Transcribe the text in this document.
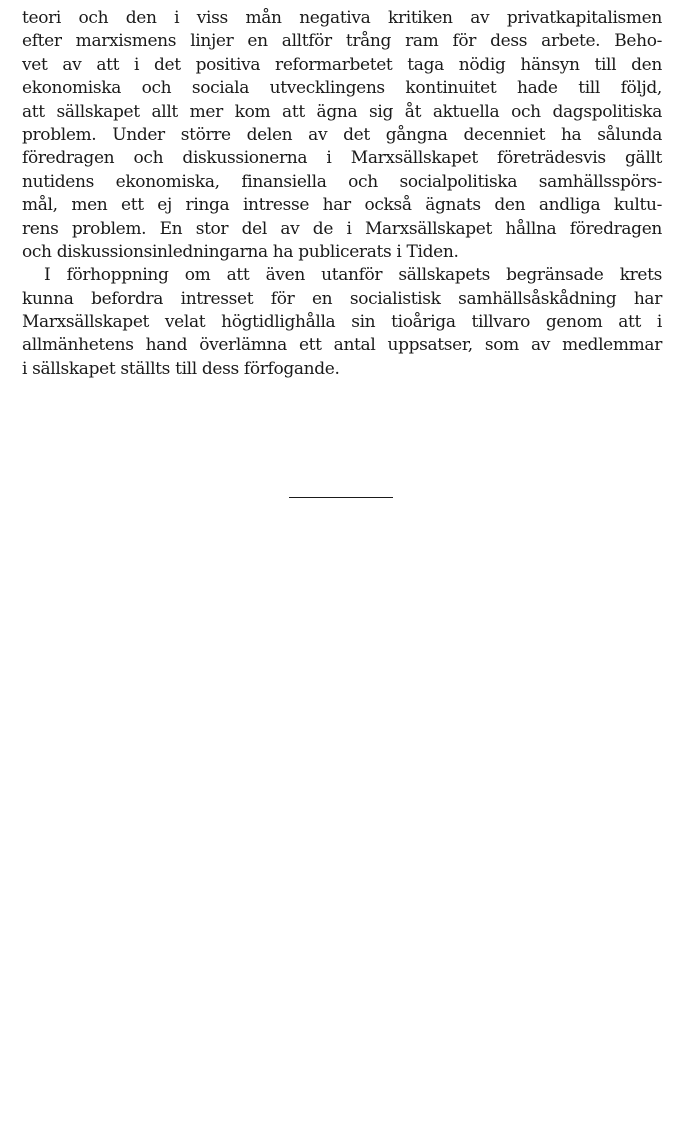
teori och den i viss mån negativa kritiken av privatkapitalismen
efter marxismens linjer en alltför trång ram för dess arbete. Beho-
vet av att i det positiva reformarbetet taga nödig hänsyn till den
ekonomiska och sociala utvecklingens kontinuitet hade till följd,
att sällskapet allt mer kom att ägna sig åt aktuella och dagspolitiska
problem. Under större delen av det gångna decenniet ha sålunda
föredragen och diskussionerna i Marxsällskapet företrädesvis gällt
nutidens ekonomiska, finansiella och socialpolitiska samhällsspörs-
mål, men ett ej ringa intresse har också ägnats den andliga kultu-
rens problem. En stor del av de i Marxsällskapet hållna föredragen
och diskussionsinledningarna ha publicerats i Tiden.
I förhoppning om att även utanför sällskapets begränsade krets
kunna befordra intresset för en socialistisk samhällsåskådning har
Marxsällskapet velat högtidlighålla sin tioåriga tillvaro genom att i
allmänhetens hand överlämna ett antal uppsatser, som av medlemmar
i sällskapet ställts till dess förfogande.
